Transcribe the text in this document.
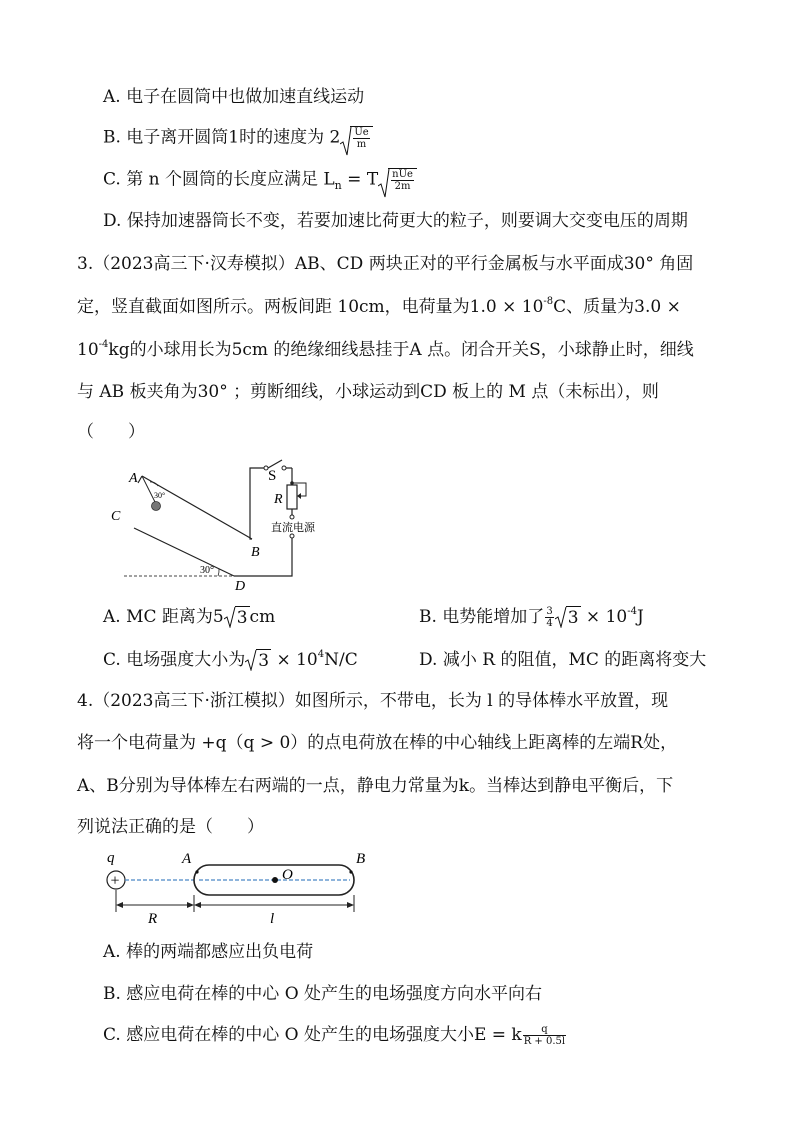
A. 电子在圆筒中也做加速直线运动
B. 电子离开圆筒1时的速度为 $2 \frac{Ue}{m}$
C. 第 n 个圆筒的长度应满足 $L_n = T \frac{\text{nUe}}{2m}$
D. 保持加速器筒长不变，若要加速比荷更大的粒子，则要调大交变电压的周期
3.（2023高三下·汉寿模拟）AB、CD 两块正对的平行金属板与水平面成30° 角固
定，竖直截面如图所示。两板间距 10cm，电荷量为$1.0 \times 10^{-8}C$、质量为3.0 ×
$10^{-4}kg$的小球用长为5cm 的绝缘细线悬挂于A 点。闭合开关S，小球静止时，细线
与 AB 板夹角为30° ；剪断细线，小球运动到CD 板上的 M 点（未标出），则
（　　）
A
30°
C
B
D
30°
S
R
直流电源
A. MC 距离为5 3 cm	B. 电势能增加了 $\frac{3}{4} 3 \times 10^{-4}J$
C. 电场强度大小为 $3 \times 10^4N/C$	D. 减小 R 的阻值，MC 的距离将变大
4.（2023高三下·浙江模拟）如图所示，不带电，长为 l 的导体棒水平放置，现
将一个电荷量为 +q（q > 0）的点电荷放在棒的中心轴线上距离棒的左端R处，
A、B分别为导体棒左右两端的一点，静电力常量为k。当棒达到静电平衡后，下
列说法正确的是（　　）
+
q	A	B
O
R	l
A. 棒的两端都感应出负电荷
B. 感应电荷在棒的中心 O 处产生的电场强度方向水平向右
C. 感应电荷在棒的中心 O 处产生的电场强度大小E = k $\frac{q}{R + 0.5l}$
